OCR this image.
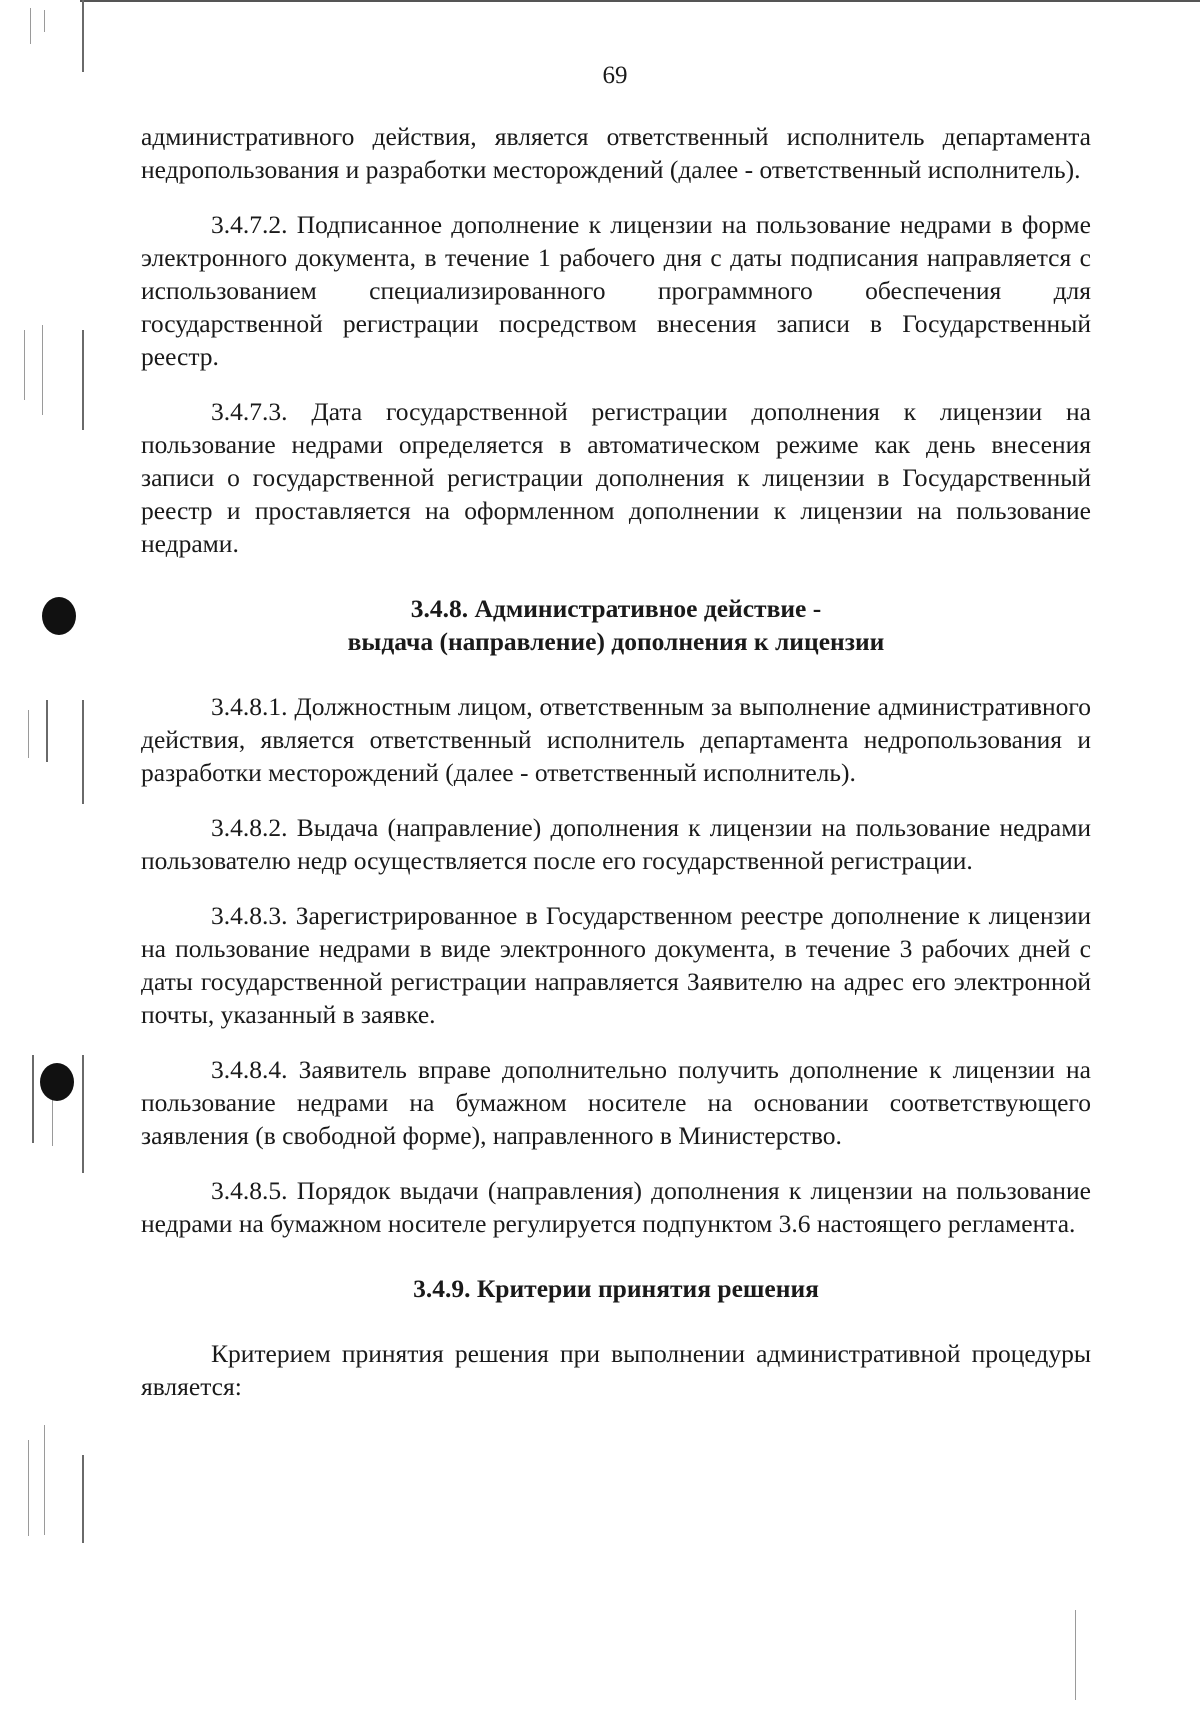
69

административного действия, является ответственный исполнитель департамента недропользования и разработки месторождений (далее - ответственный исполнитель).

3.4.7.2. Подписанное дополнение к лицензии на пользование недрами в форме электронного документа, в течение 1 рабочего дня с даты подписания направляется с использованием специализированного программного обеспечения для государственной регистрации посредством внесения записи в Государственный реестр.

3.4.7.3. Дата государственной регистрации дополнения к лицензии на пользование недрами определяется в автоматическом режиме как день внесения записи о государственной регистрации дополнения к лицензии в Государственный реестр и проставляется на оформленном дополнении к лицензии на пользование недрами.

3.4.8. Административное действие -
выдача (направление) дополнения к лицензии

3.4.8.1. Должностным лицом, ответственным за выполнение административного действия, является ответственный исполнитель департамента недропользования и разработки месторождений (далее - ответственный исполнитель).

3.4.8.2. Выдача (направление) дополнения к лицензии на пользование недрами пользователю недр осуществляется после его государственной регистрации.

3.4.8.3. Зарегистрированное в Государственном реестре дополнение к лицензии на пользование недрами в виде электронного документа, в течение 3 рабочих дней с даты государственной регистрации направляется Заявителю на адрес его электронной почты, указанный в заявке.

3.4.8.4. Заявитель вправе дополнительно получить дополнение к лицензии на пользование недрами на бумажном носителе на основании соответствующего заявления (в свободной форме), направленного в Министерство.

3.4.8.5. Порядок выдачи (направления) дополнения к лицензии на пользование недрами на бумажном носителе регулируется подпунктом 3.6 настоящего регламента.

3.4.9. Критерии принятия решения

Критерием принятия решения при выполнении административной процедуры является:
